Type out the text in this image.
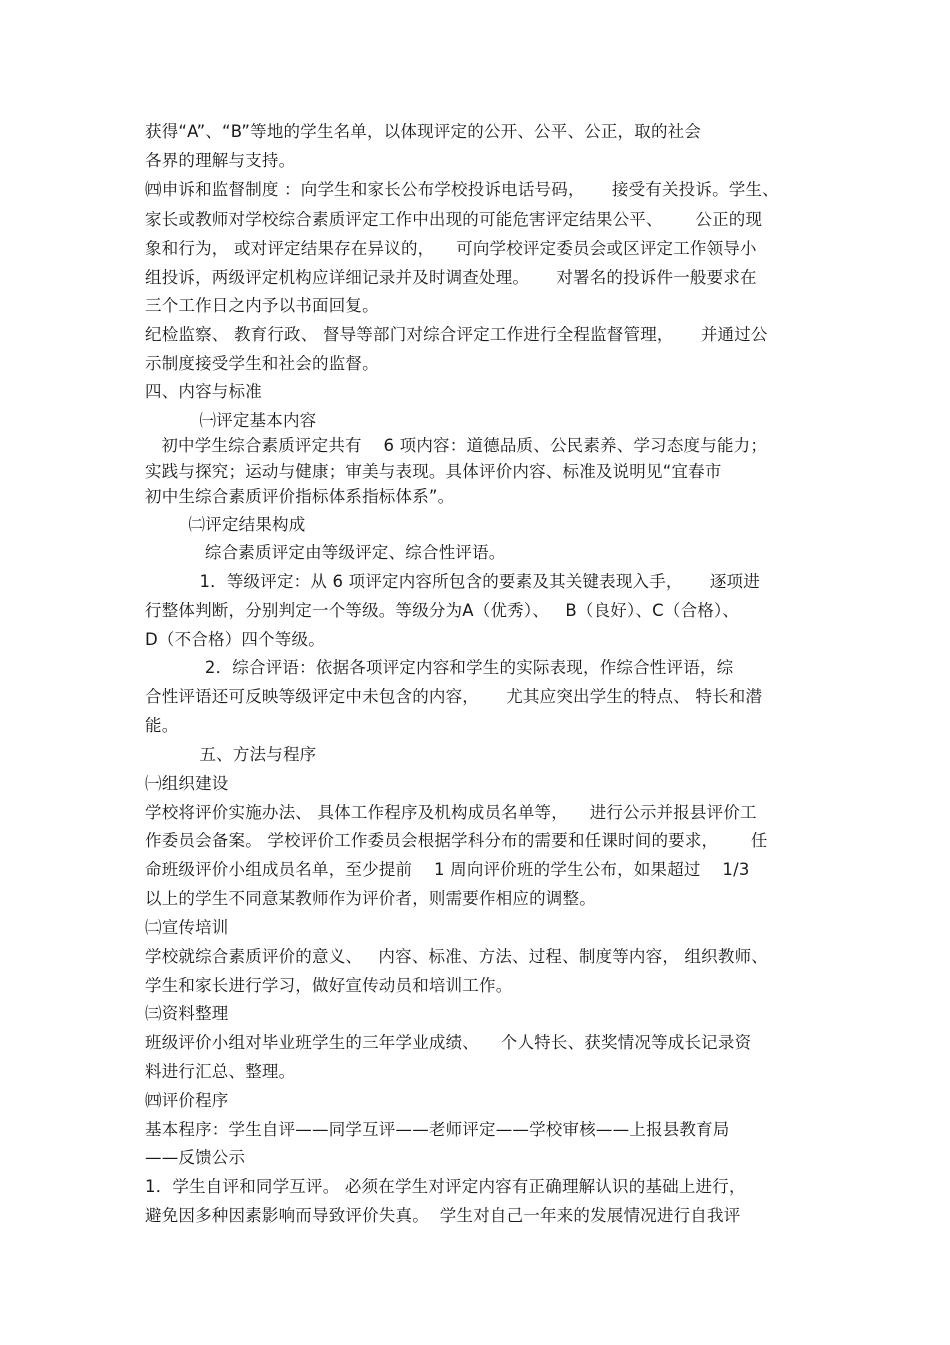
获得“A”、“B”等地的学生名单，以体现评定的公开、公平、公正，取的社会
各界的理解与支持。
㈣申诉和监督制度 ：向学生和家长公布学校投诉电话号码，     接受有关投诉。学生、
家长或教师对学校综合素质评定工作中出现的可能危害评定结果公平、      公正的现
象和行为， 或对评定结果存在异议的，    可向学校评定委员会或区评定工作领导小
组投诉，两级评定机构应详细记录并及时调查处理。     对署名的投诉件一般要求在
三个工作日之内予以书面回复。
纪检监察、 教育行政、 督导等部门对综合评定工作进行全程监督管理，     并通过公
示制度接受学生和社会的监督。
四、内容与标准
㈠评定基本内容
初中学生综合素质评定共有    6 项内容：道德品质、公民素养、学习态度与能力；
实践与探究；运动与健康；审美与表现。具体评价内容、标准及说明见“宜春市
初中生综合素质评价指标体系指标体系”。
㈡评定结果构成
综合素质评定由等级评定、综合性评语。
1．等级评定：从 6 项评定内容所包含的要素及其关键表现入手，     逐项进
行整体判断，分别判定一个等级。等级分为A（优秀）、   B（良好）、C（合格）、
D（不合格）四个等级。
2．综合评语：依据各项评定内容和学生的实际表现，作综合性评语，综
合性评语还可反映等级评定中未包含的内容，     尤其应突出学生的特点、 特长和潜
能。
五、方法与程序
㈠组织建设
学校将评价实施办法、 具体工作程序及机构成员名单等，    进行公示并报县评价工
作委员会备案。 学校评价工作委员会根据学科分布的需要和任课时间的要求，      任
命班级评价小组成员名单，至少提前    1 周向评价班的学生公布，如果超过    1/3
以上的学生不同意某教师作为评价者，则需要作相应的调整。
㈡宣传培训
学校就综合素质评价的意义、   内容、标准、方法、过程、制度等内容， 组织教师、
学生和家长进行学习，做好宣传动员和培训工作。
㈢资料整理
班级评价小组对毕业班学生的三年学业成绩、    个人特长、获奖情况等成长记录资
料进行汇总、整理。
㈣评价程序
基本程序：学生自评——同学互评——老师评定——学校审核——上报县教育局
——反馈公示
1．学生自评和同学互评。 必须在学生对评定内容有正确理解认识的基础上进行，
避免因多种因素影响而导致评价失真。  学生对自己一年来的发展情况进行自我评
